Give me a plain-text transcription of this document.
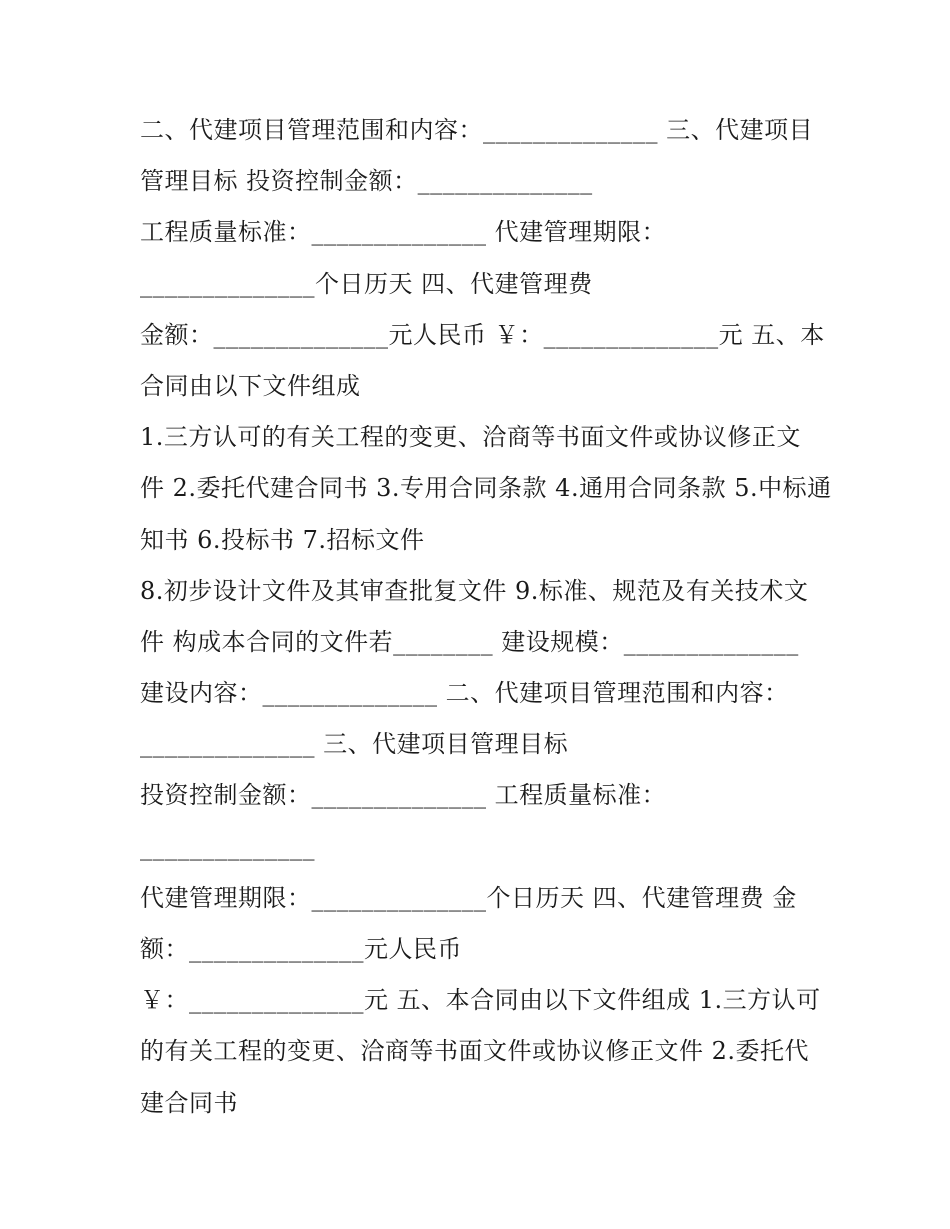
二、代建项目管理范围和内容：______________ 三、代建项目
管理目标 投资控制金额：______________
工程质量标准：______________ 代建管理期限：
______________个日历天 四、代建管理费
金额：______________元人民币 ￥：______________元 五、本
合同由以下文件组成
1.三方认可的有关工程的变更、洽商等书面文件或协议修正文
件 2.委托代建合同书 3.专用合同条款 4.通用合同条款 5.中标通
知书 6.投标书 7.招标文件
8.初步设计文件及其审查批复文件 9.标准、规范及有关技术文
件 构成本合同的文件若________ 建设规模：______________
建设内容：______________ 二、代建项目管理范围和内容：
______________ 三、代建项目管理目标
投资控制金额：______________ 工程质量标准：
______________
代建管理期限：______________个日历天 四、代建管理费 金
额：______________元人民币
￥：______________元 五、本合同由以下文件组成 1.三方认可
的有关工程的变更、洽商等书面文件或协议修正文件 2.委托代
建合同书
